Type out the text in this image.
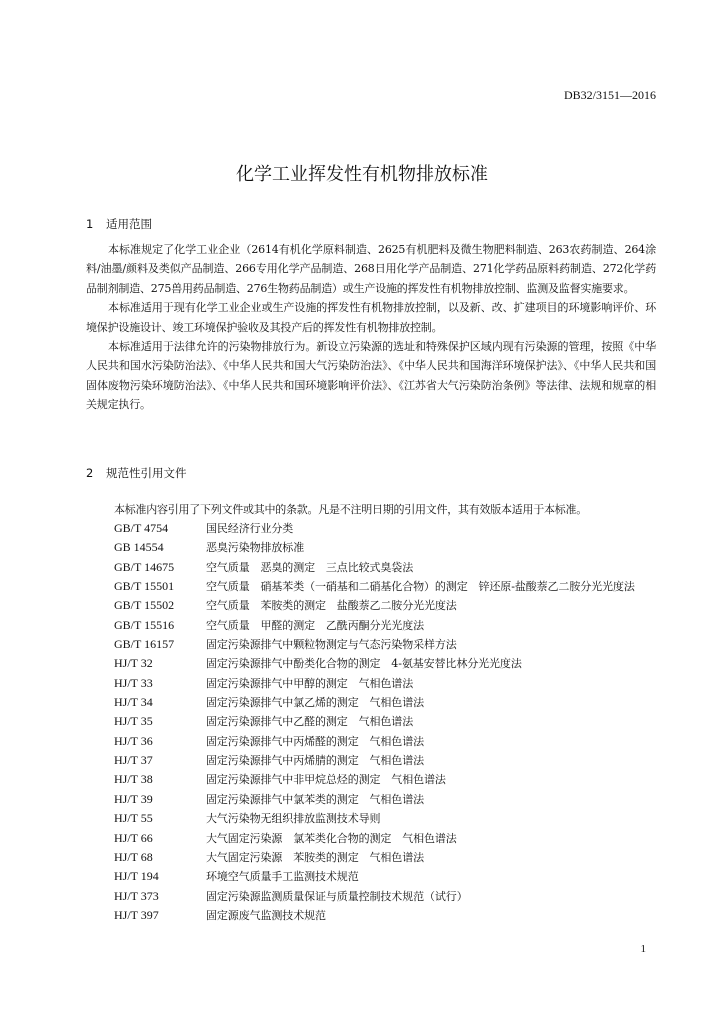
DB32/3151—2016
化学工业挥发性有机物排放标准
1 适用范围

本标准规定了化学工业企业（2614有机化学原料制造、2625有机肥料及微生物肥料制造、263农药制造、264涂料/油墨/颜料及类似产品制造、266专用化学产品制造、268日用化学产品制造、271化学药品原料药制造、272化学药品制剂制造、275兽用药品制造、276生物药品制造）或生产设施的挥发性有机物排放控制、监测及监督实施要求。

本标准适用于现有化学工业企业或生产设施的挥发性有机物排放控制，以及新、改、扩建项目的环境影响评价、环境保护设施设计、竣工环境保护验收及其投产后的挥发性有机物排放控制。

本标准适用于法律允许的污染物排放行为。新设立污染源的选址和特殊保护区域内现有污染源的管理，按照《中华人民共和国水污染防治法》、《中华人民共和国大气污染防治法》、《中华人民共和国海洋环境保护法》、《中华人民共和国固体废物污染环境防治法》、《中华人民共和国环境影响评价法》、《江苏省大气污染防治条例》等法律、法规和规章的相关规定执行。

2 规范性引用文件
本标准内容引用了下列文件或其中的条款。凡是不注明日期的引用文件，其有效版本适用于本标准。
GB/T 4754	国民经济行业分类
GB 14554	恶臭污染物排放标准
GB/T 14675	空气质量　恶臭的测定　三点比较式臭袋法
GB/T 15501	空气质量　硝基苯类（一硝基和二硝基化合物）的测定　锌还原-盐酸萘乙二胺分光光度法
GB/T 15502	空气质量　苯胺类的测定　盐酸萘乙二胺分光光度法
GB/T 15516	空气质量　甲醛的测定　乙酰丙酮分光光度法
GB/T 16157	固定污染源排气中颗粒物测定与气态污染物采样方法
HJ/T 32	固定污染源排气中酚类化合物的测定　4-氨基安替比林分光光度法
HJ/T 33	固定污染源排气中甲醇的测定　气相色谱法
HJ/T 34	固定污染源排气中氯乙烯的测定　气相色谱法
HJ/T 35	固定污染源排气中乙醛的测定　气相色谱法
HJ/T 36	固定污染源排气中丙烯醛的测定　气相色谱法
HJ/T 37	固定污染源排气中丙烯腈的测定　气相色谱法
HJ/T 38	固定污染源排气中非甲烷总烃的测定　气相色谱法
HJ/T 39	固定污染源排气中氯苯类的测定　气相色谱法
HJ/T 55	大气污染物无组织排放监测技术导则
HJ/T 66	大气固定污染源　氯苯类化合物的测定　气相色谱法
HJ/T 68	大气固定污染源　苯胺类的测定　气相色谱法
HJ/T 194	环境空气质量手工监测技术规范
HJ/T 373	固定污染源监测质量保证与质量控制技术规范（试行）
HJ/T 397	固定源废气监测技术规范
1
